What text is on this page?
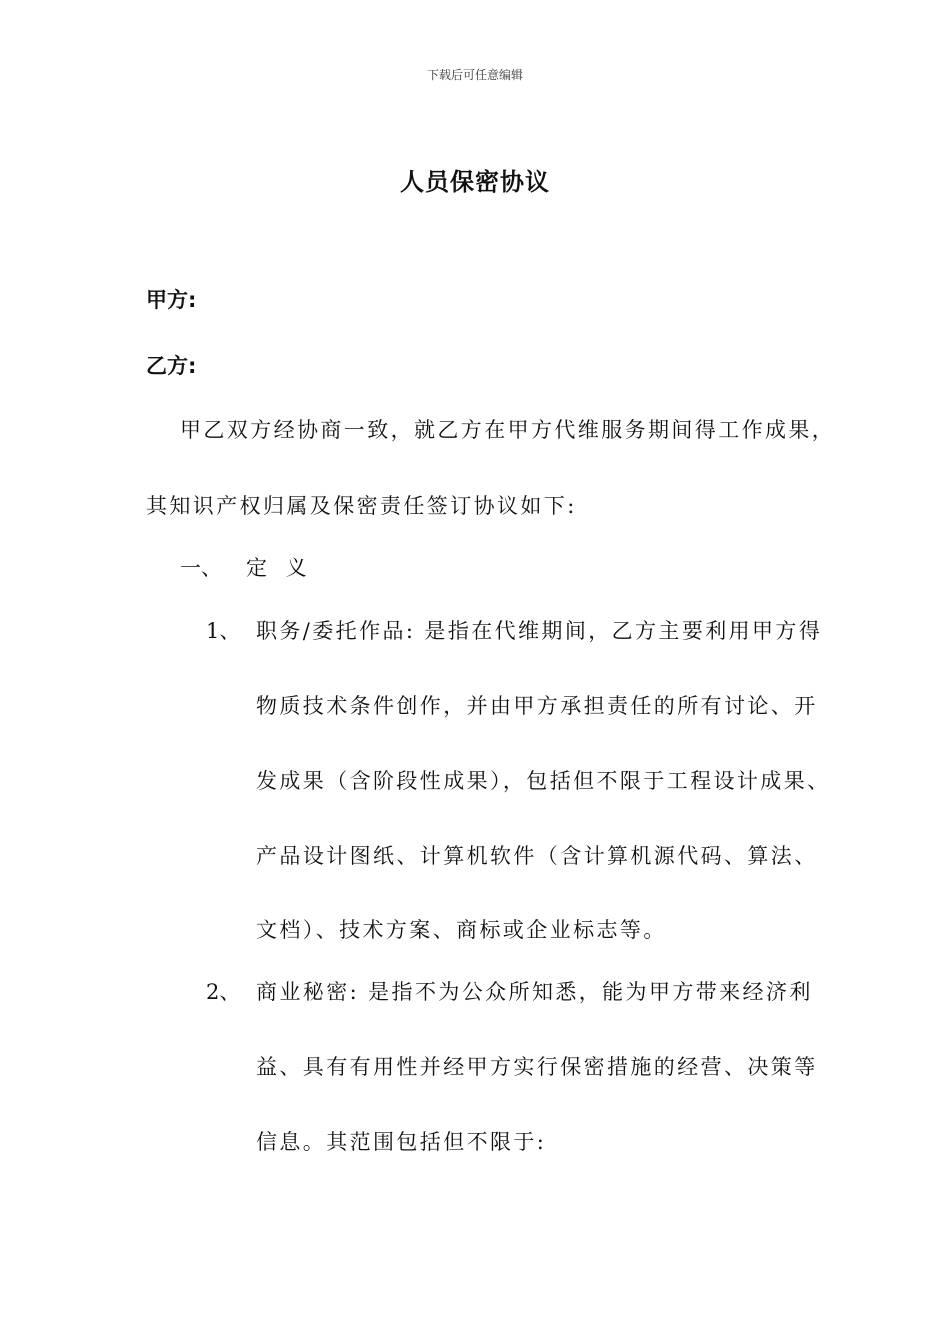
下载后可任意编辑
人员保密协议
甲方:
乙方:
甲乙双方经协商一致，就乙方在甲方代维服务期间得工作成果，
其知识产权归属及保密责任签订协议如下:
一、 定 义
1、 职务/委托作品: 是指在代维期间，乙方主要利用甲方得
物质技术条件创作，并由甲方承担责任的所有讨论、开
发成果（含阶段性成果），包括但不限于工程设计成果、
产品设计图纸、计算机软件（含计算机源代码、算法、
文档）、技术方案、商标或企业标志等。
2、 商业秘密: 是指不为公众所知悉，能为甲方带来经济利
益、具有有用性并经甲方实行保密措施的经营、决策等
信息。其范围包括但不限于:
